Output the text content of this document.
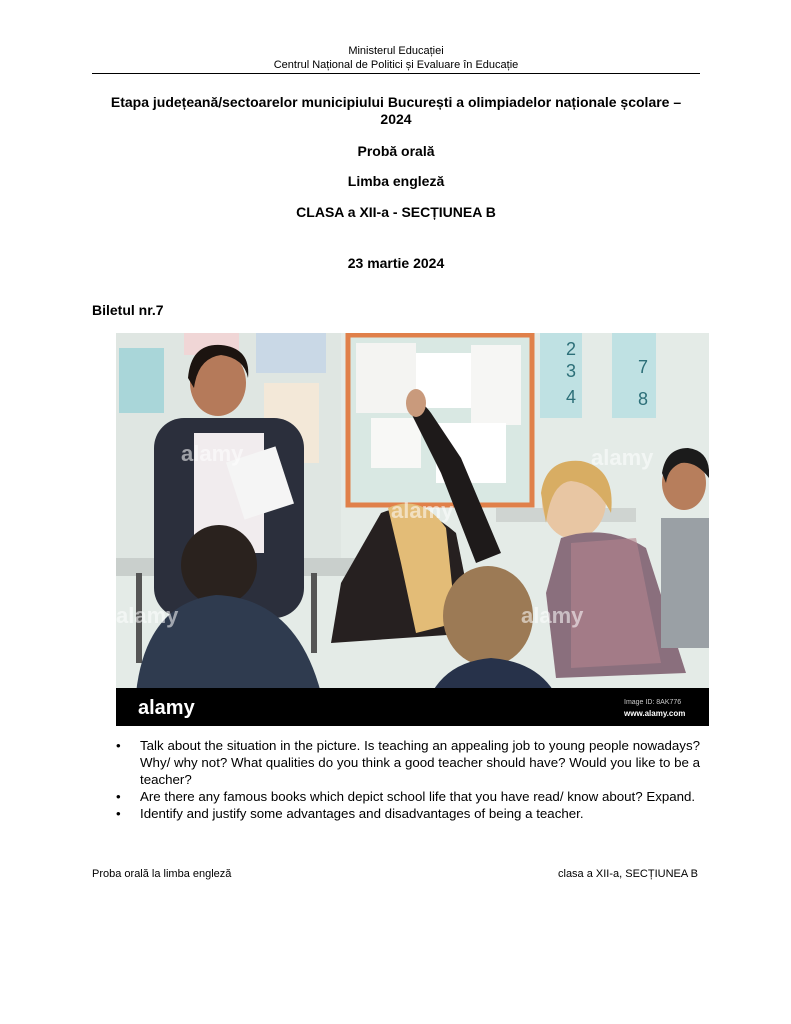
Ministerul Educației
Centrul Național de Politici și Evaluare în Educație
Etapa județeană/sectoarelor municipiului București a olimpiadelor naționale școlare –
2024
Probă orală
Limba engleză
CLASA a XII-a - SECȚIUNEA B
23 martie 2024
Biletul nr.7
2
3
4
7
8
alamy
alamy
alamy
alamy	alamy
alamy	Image ID: 8AK776
www.alamy.com
• Talk about the situation in the picture. Is teaching an appealing job to young people nowadays? Why/ why not? What qualities do you think a good teacher should have? Would you like to be a teacher?
• Are there any famous books which depict school life that you have read/ know about? Expand.
• Identify and justify some advantages and disadvantages of being a teacher.
Proba orală la limba engleză	clasa a XII-a, SECȚIUNEA B
